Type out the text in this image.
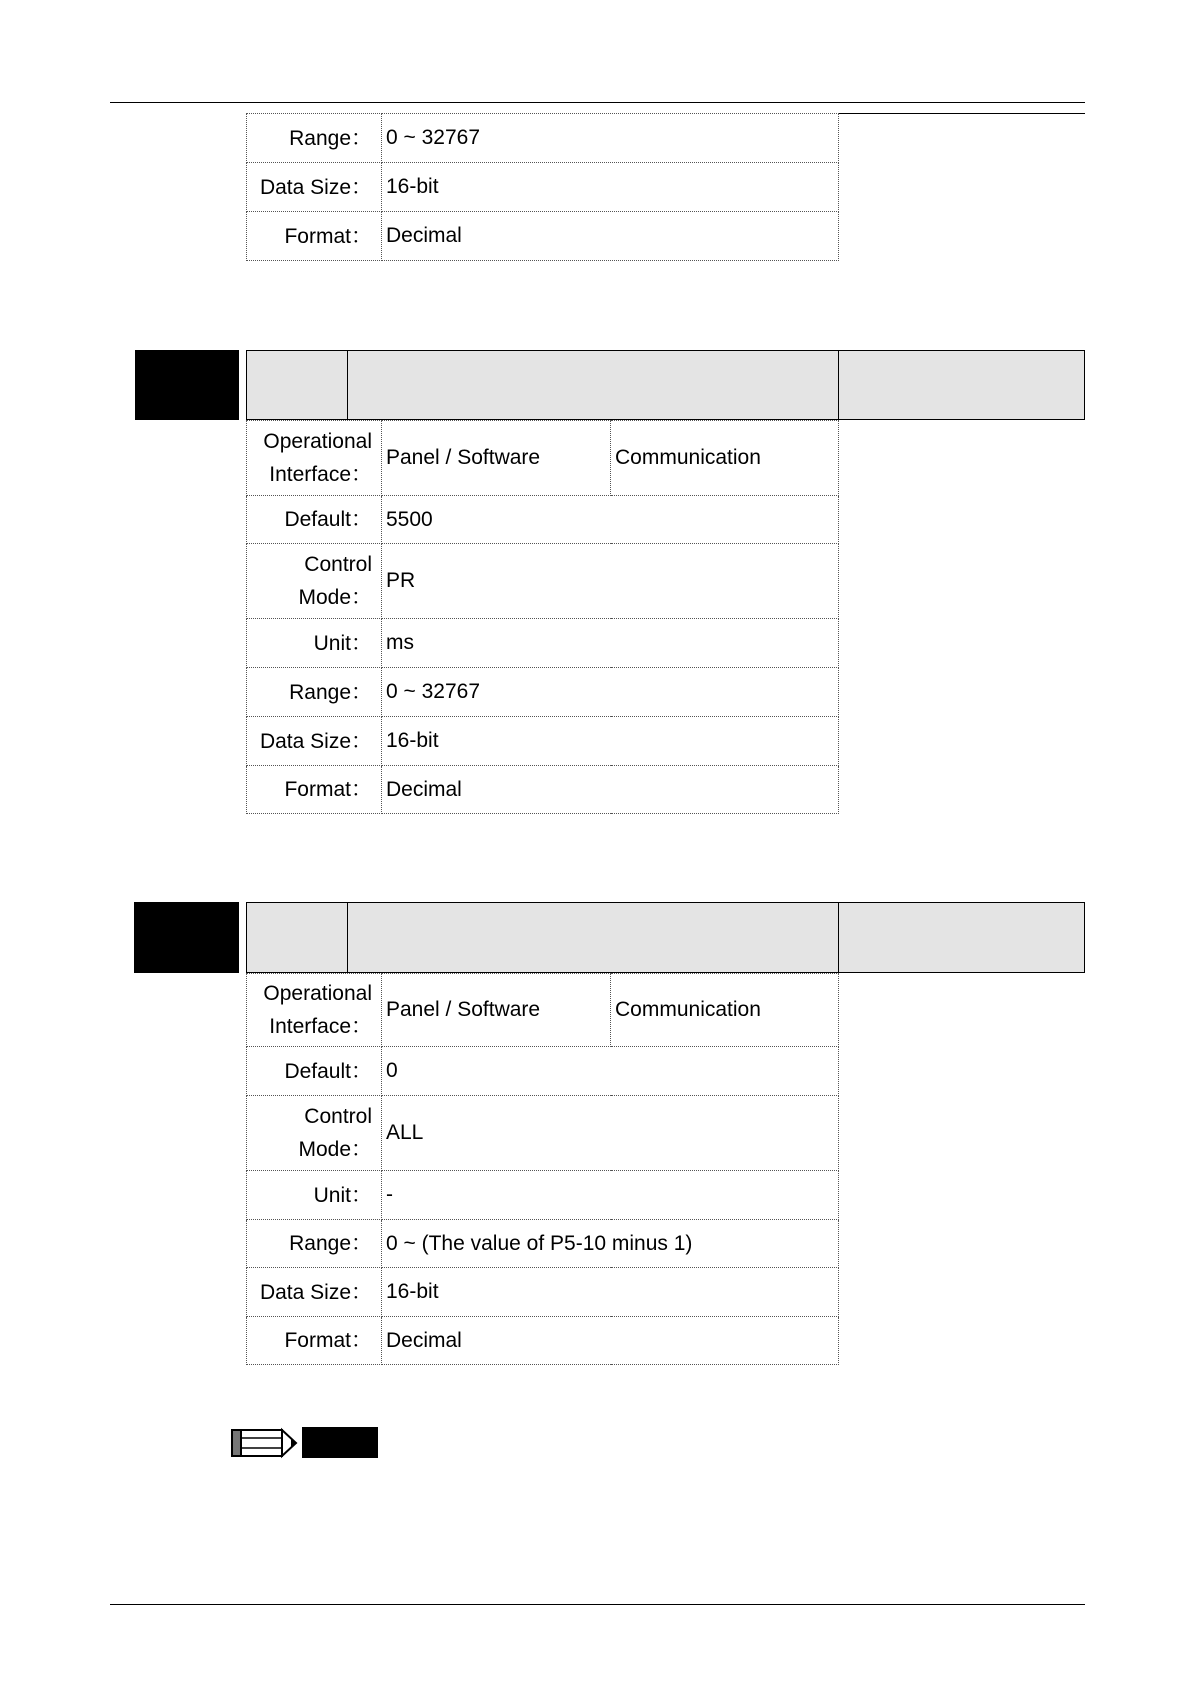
Range：	0 ~ 32767
Data Size：	16-bit
Format：	Decimal
Operational
Interface：	Panel / Software	Communication
Default：	5500	

Control
Mode：	PR	
Unit：	ms	
Range：	0 ~ 32767	
Data Size：	16-bit	
Format：	Decimal	
Operational
Interface：	Panel / Software	Communication
Default：	0	

Control
Mode：	ALL	
Unit：	-	
Range：	0 ~ (The value of P5-10 minus 1)	
Data Size：	16-bit	
Format：	Decimal	
